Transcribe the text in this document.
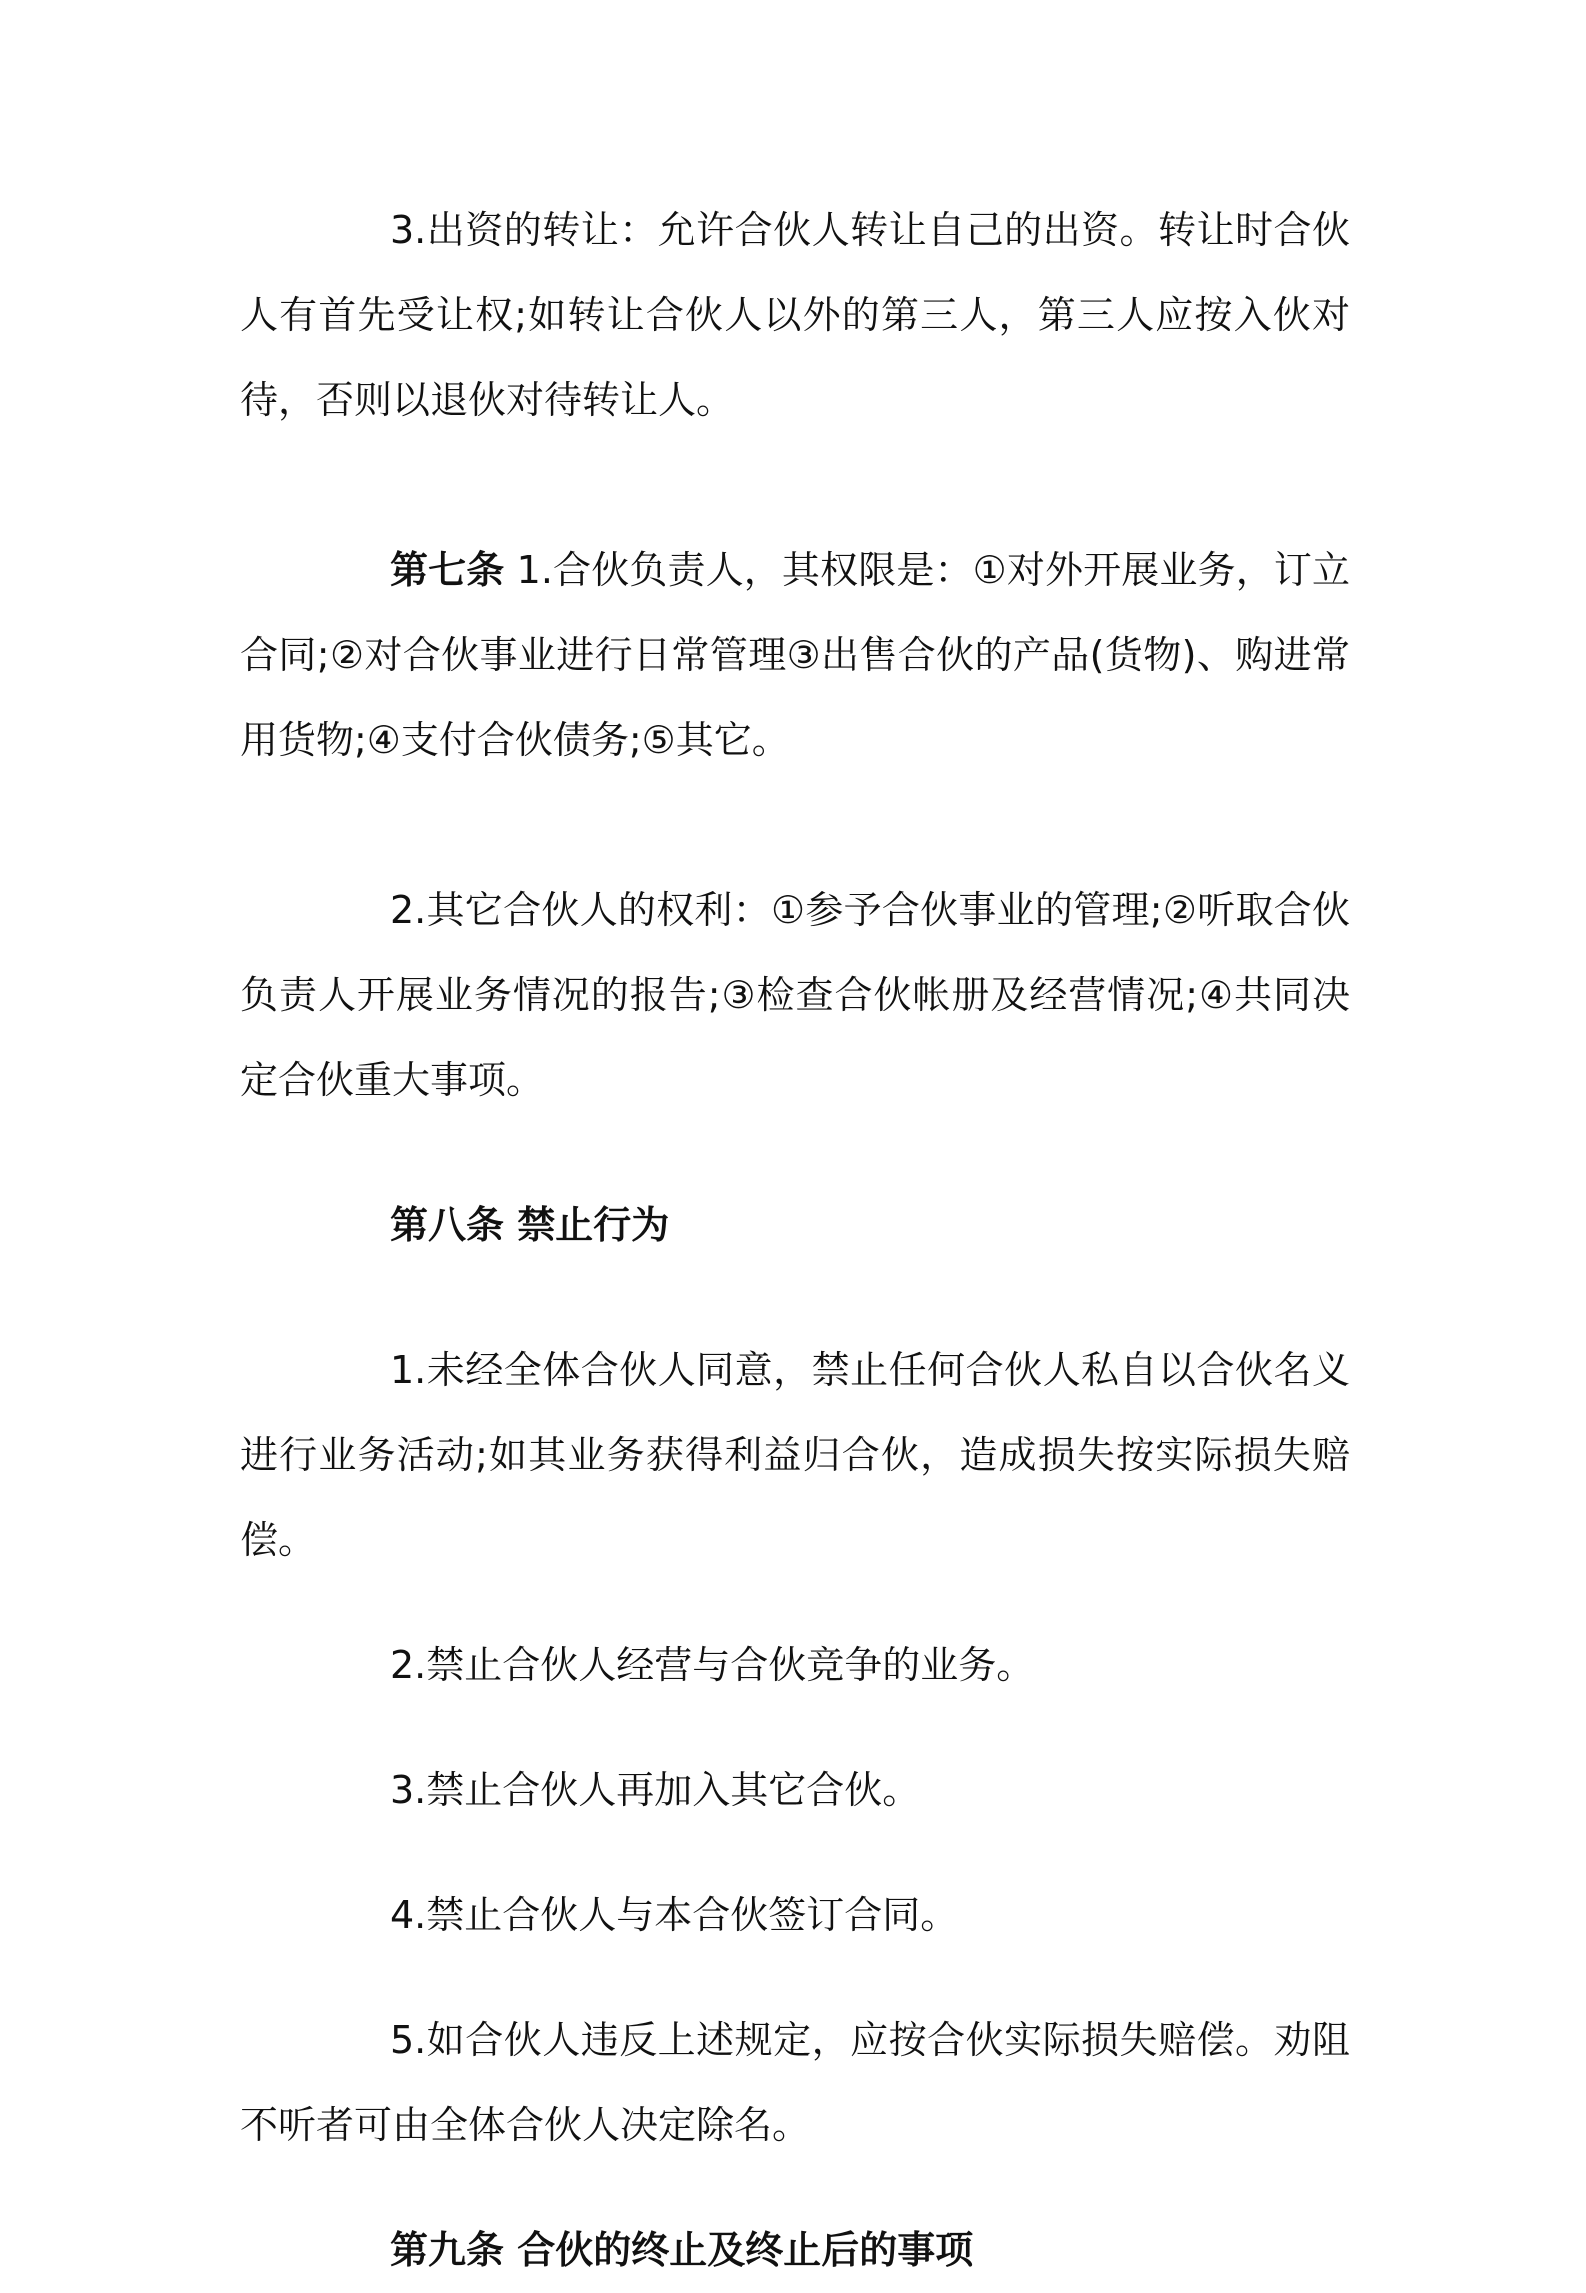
3.出资的转让：允许合伙人转让自己的出资。转让时合伙人有首先受让权;如转让合伙人以外的第三人，第三人应按入伙对待，否则以退伙对待转让人。

第七条 1.合伙负责人，其权限是：①对外开展业务，订立合同;②对合伙事业进行日常管理③出售合伙的产品(货物)、购进常用货物;④支付合伙债务;⑤其它。

2.其它合伙人的权利：①参予合伙事业的管理;②听取合伙负责人开展业务情况的报告;③检查合伙帐册及经营情况;④共同决定合伙重大事项。

第八条 禁止行为

1.未经全体合伙人同意，禁止任何合伙人私自以合伙名义进行业务活动;如其业务获得利益归合伙，造成损失按实际损失赔偿。

2.禁止合伙人经营与合伙竞争的业务。

3.禁止合伙人再加入其它合伙。

4.禁止合伙人与本合伙签订合同。

5.如合伙人违反上述规定，应按合伙实际损失赔偿。劝阻不听者可由全体合伙人决定除名。

第九条 合伙的终止及终止后的事项
